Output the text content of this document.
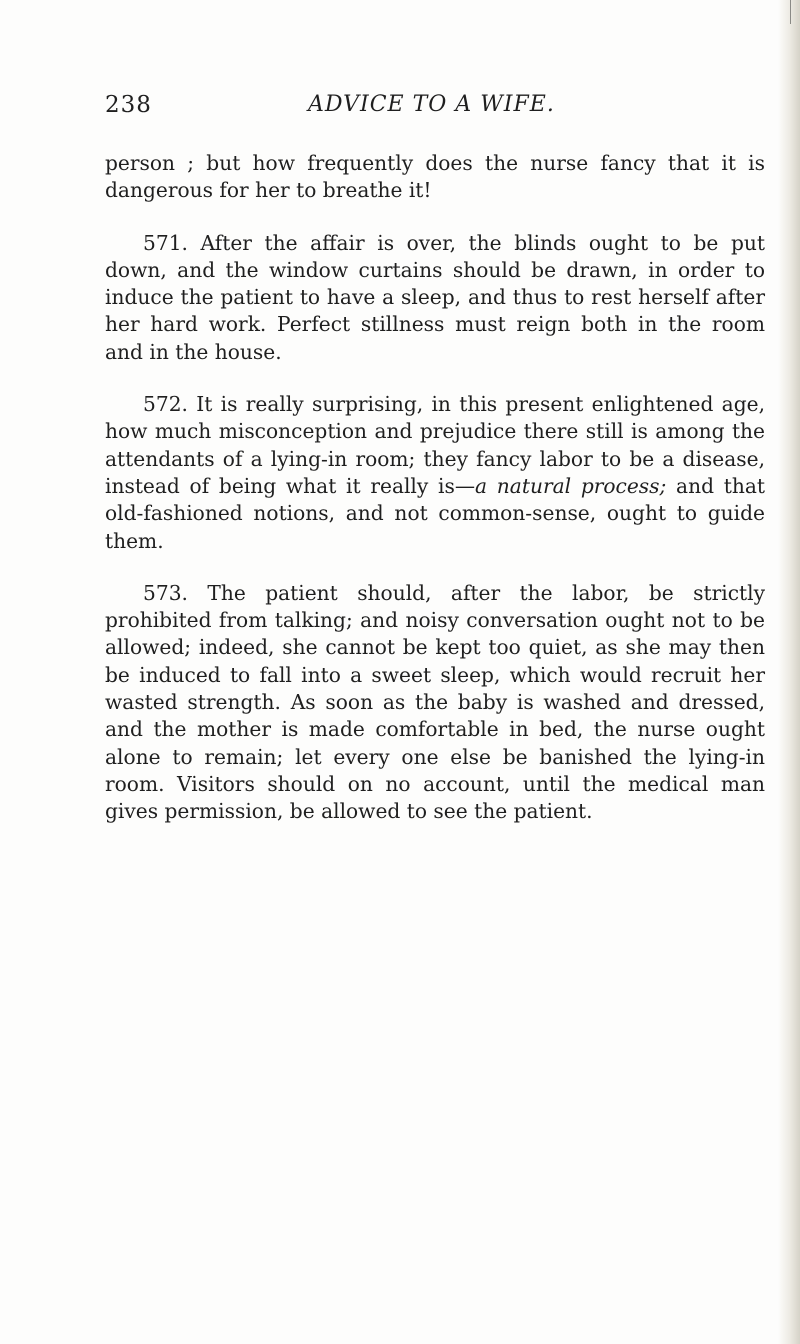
238	ADVICE TO A WIFE.

person ; but how frequently does the nurse fancy that it is dangerous for her to breathe it!

571. After the affair is over, the blinds ought to be put down, and the window curtains should be drawn, in order to induce the patient to have a sleep, and thus to rest herself after her hard work. Perfect stillness must reign both in the room and in the house.

572. It is really surprising, in this present enlightened age, how much misconception and prejudice there still is among the attendants of a lying-in room; they fancy labor to be a disease, instead of being what it really is—a natural process; and that old-fashioned notions, and not common-sense, ought to guide them.

573. The patient should, after the labor, be strictly prohibited from talking; and noisy conversation ought not to be allowed; indeed, she cannot be kept too quiet, as she may then be induced to fall into a sweet sleep, which would recruit her wasted strength. As soon as the baby is washed and dressed, and the mother is made comfortable in bed, the nurse ought alone to remain; let every one else be banished the lying-in room. Visitors should on no account, until the medical man gives permission, be allowed to see the patient.
